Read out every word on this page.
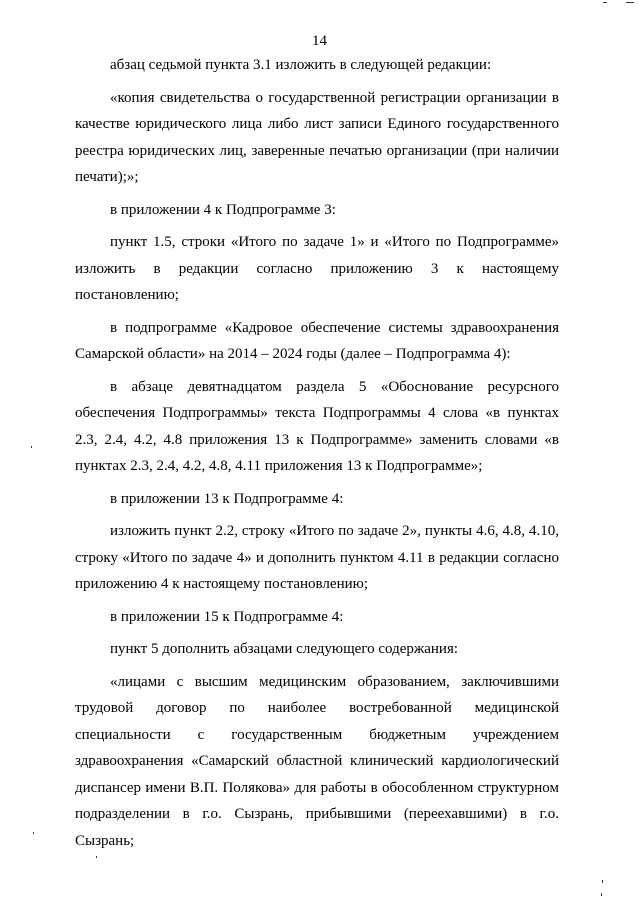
14

абзац седьмой пункта 3.1 изложить в следующей редакции:

«копия свидетельства о государственной регистрации организации в качестве юридического лица либо лист записи Единого государственного реестра юридических лиц, заверенные печатью организации (при наличии печати);»;

в приложении 4 к Подпрограмме 3:

пункт 1.5, строки «Итого по задаче 1» и «Итого по Подпрограмме» изложить в редакции согласно приложению 3 к настоящему постановлению;

в подпрограмме «Кадровое обеспечение системы здравоохранения Самарской области» на 2014 – 2024 годы (далее – Подпрограмма 4):

в абзаце девятнадцатом раздела 5 «Обоснование ресурсного обеспечения Подпрограммы» текста Подпрограммы 4 слова «в пунктах 2.3, 2.4, 4.2, 4.8 приложения 13 к Подпрограмме» заменить словами «в пунктах 2.3, 2.4, 4.2, 4.8, 4.11 приложения 13 к Подпрограмме»;

в приложении 13 к Подпрограмме 4:

изложить пункт 2.2, строку «Итого по задаче 2», пункты 4.6, 4.8, 4.10, строку «Итого по задаче 4» и дополнить пунктом 4.11 в редакции согласно приложению 4 к настоящему постановлению;

в приложении 15 к Подпрограмме 4:

пункт 5 дополнить абзацами следующего содержания:

«лицами с высшим медицинским образованием, заключившими трудовой договор по наиболее востребованной медицинской специальности с государственным бюджетным учреждением здравоохранения «Самарский областной клинический кардиологический диспансер имени В.П. Полякова» для работы в обособленном структурном подразделении в г.о. Сызрань, прибывшими (переехавшими) в г.о. Сызрань;
